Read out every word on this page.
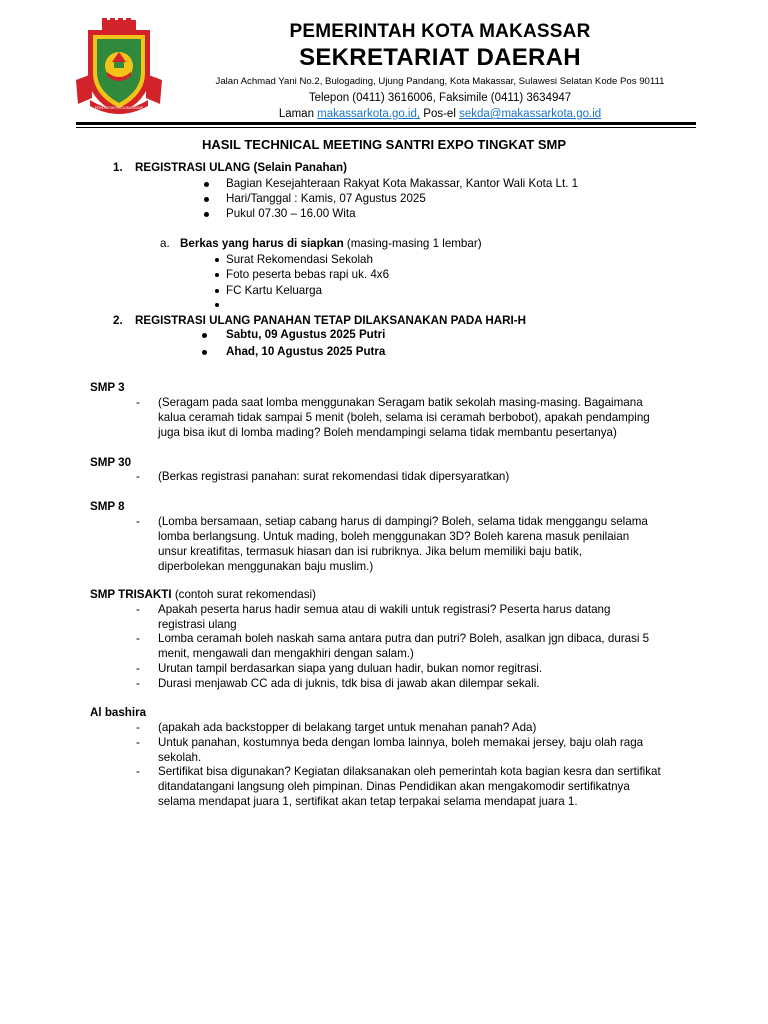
PEMERINTAH KOTA MAKASSAR
PEMERINTAH KOTA MAKASSAR
SEKRETARIAT DAERAH
Jalan Achmad Yani No.2, Bulogading, Ujung Pandang, Kota Makassar, Sulawesi Selatan Kode Pos 90111
Telepon (0411) 3616006, Faksimile (0411) 3634947
Laman makassarkota.go.id, Pos-el sekda@makassarkota.go.id
HASIL TECHNICAL MEETING SANTRI EXPO TINGKAT SMP
1. REGISTRASI ULANG (Selain Panahan)
Bagian Kesejahteraan Rakyat Kota Makassar, Kantor Wali Kota Lt. 1
Hari/Tanggal : Kamis, 07 Agustus 2025
Pukul 07.30 – 16.00 Wita
a. Berkas yang harus di siapkan (masing-masing 1 lembar)
Surat Rekomendasi Sekolah
Foto peserta bebas rapi uk. 4x6
FC Kartu Keluarga
2. REGISTRASI ULANG PANAHAN TETAP DILAKSANAKAN PADA HARI-H
Sabtu, 09 Agustus 2025 Putri
Ahad, 10 Agustus 2025 Putra
SMP 3
- (Seragam pada saat lomba menggunakan Seragam batik sekolah masing-masing. Bagaimana
kalua ceramah tidak sampai 5 menit (boleh, selama isi ceramah berbobot), apakah pendamping
juga bisa ikut di lomba mading? Boleh mendampingi selama tidak membantu pesertanya)
SMP 30
- (Berkas registrasi panahan: surat rekomendasi tidak dipersyaratkan)
SMP 8
- (Lomba bersamaan, setiap cabang harus di dampingi? Boleh, selama tidak menggangu selama
lomba berlangsung. Untuk mading, boleh menggunakan 3D? Boleh karena masuk penilaian
unsur kreatifitas, termasuk hiasan dan isi rubriknya. Jika belum memiliki baju batik,
diperbolekan menggunakan baju muslim.)
SMP TRISAKTI (contoh surat rekomendasi)
- Apakah peserta harus hadir semua atau di wakili untuk registrasi? Peserta harus datang
registrasi ulang
- Lomba ceramah boleh naskah sama antara putra dan putri? Boleh, asalkan jgn dibaca, durasi 5
menit, mengawali dan mengakhiri dengan salam.)
- Urutan tampil berdasarkan siapa yang duluan hadir, bukan nomor regitrasi.
- Durasi menjawab CC ada di juknis, tdk bisa di jawab akan dilempar sekali.
Al bashira
- (apakah ada backstopper di belakang target untuk menahan panah? Ada)
- Untuk panahan, kostumnya beda dengan lomba lainnya, boleh memakai jersey, baju olah raga
sekolah.
- Sertifikat bisa digunakan? Kegiatan dilaksanakan oleh pemerintah kota bagian kesra dan sertifikat
ditandatangani langsung oleh pimpinan. Dinas Pendidikan akan mengakomodir sertifikatnya
selama mendapat juara 1, sertifikat akan tetap terpakai selama mendapat juara 1.
